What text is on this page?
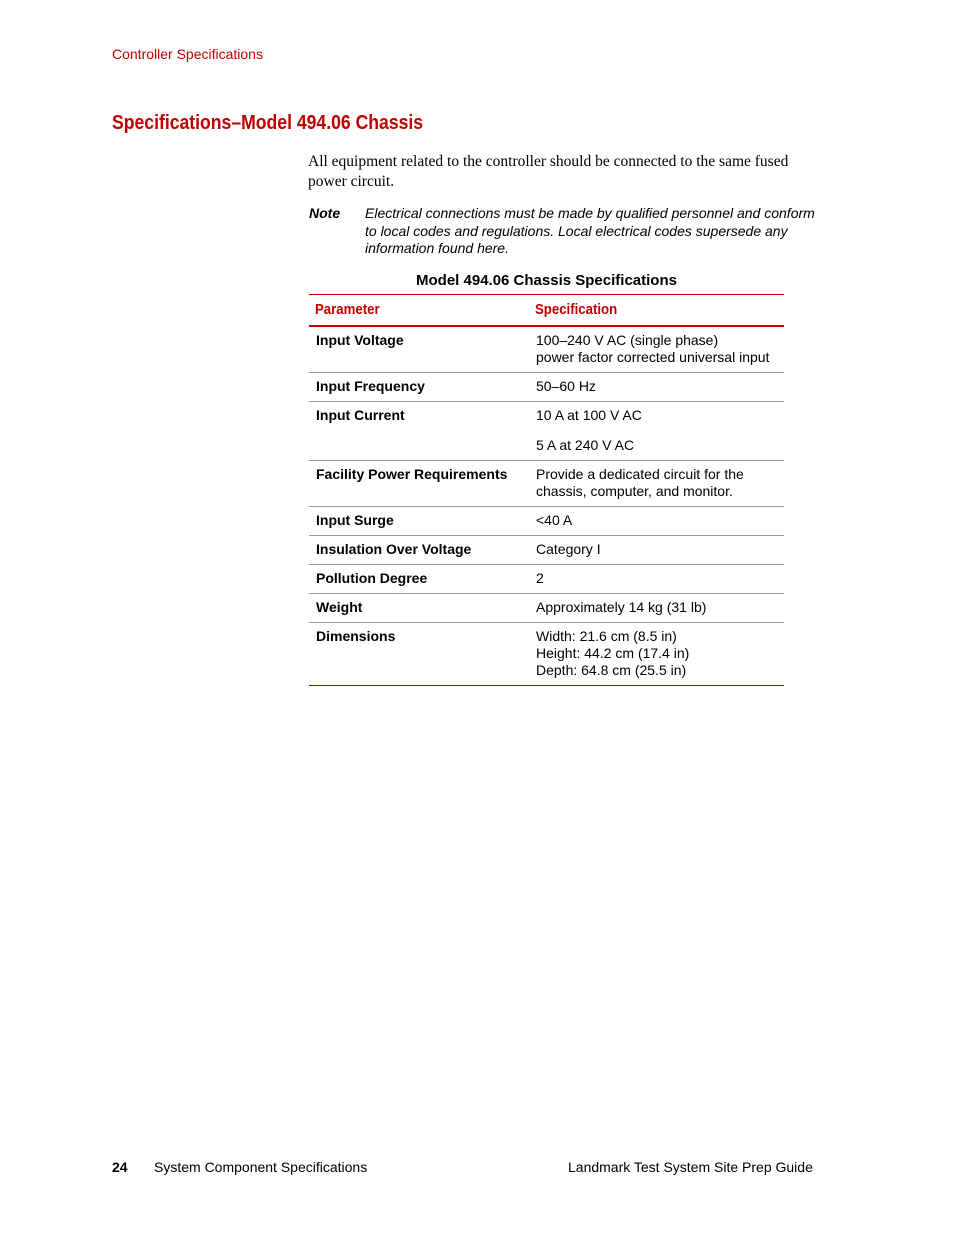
Controller Specifications
Specifications–Model 494.06 Chassis

All equipment related to the controller should be connected to the same fused power circuit.

Note	Electrical connections must be made by qualified personnel and conform to local codes and regulations. Local electrical codes supersede any information found here.
Model 494.06 Chassis Specifications
Parameter	Specification
Input Voltage	100–240 V AC (single phase)
power factor corrected universal input

Input Frequency	50–60 Hz

Input Current	10 A at 100 V AC
5 A at 240 V AC

Facility Power Requirements	Provide a dedicated circuit for the
chassis, computer, and monitor.

Input Surge	<40 A

Insulation Over Voltage	Category I

Pollution Degree	2

Weight	Approximately 14 kg (31 lb)

Dimensions	Width: 21.6 cm (8.5 in)
Height: 44.2 cm (17.4 in)
Depth: 64.8 cm (25.5 in)
24 System Component Specifications	Landmark Test System Site Prep Guide
